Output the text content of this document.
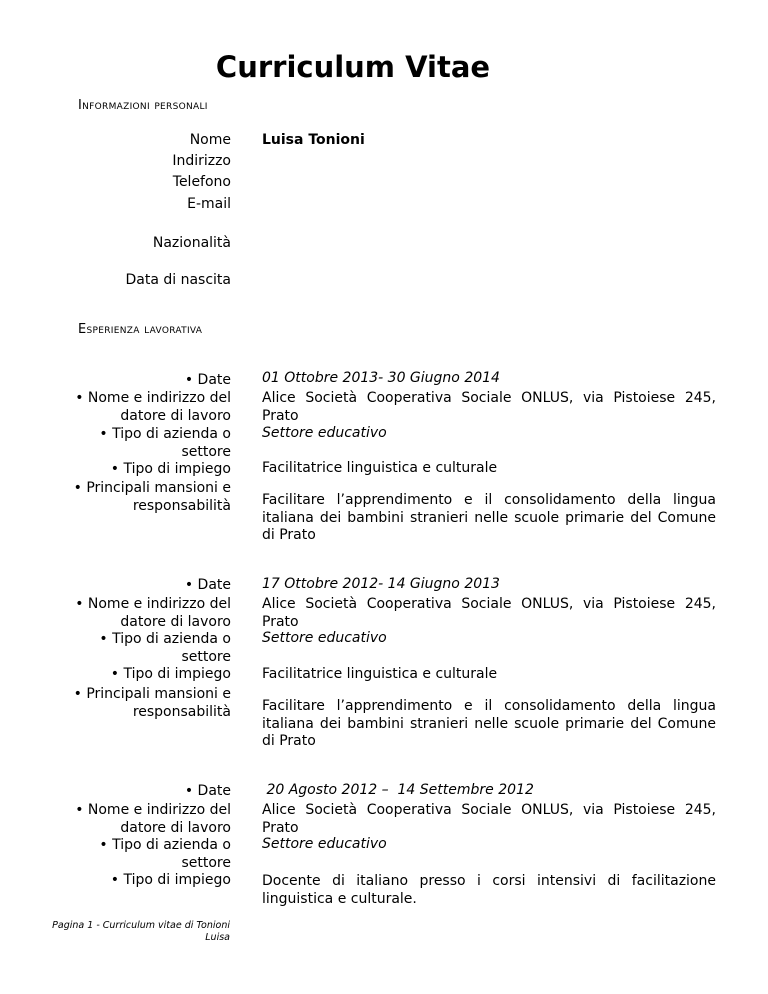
Curriculum Vitae
Informazioni personali
Nome Luisa Tonioni
Indirizzo
Telefono
E-mail
Nazionalità
Data di nascita
Esperienza lavorativa
• Date
• Nome e indirizzo del datore di lavoro
• Tipo di azienda o settore
• Tipo di impiego
• Principali mansioni e responsabilità
01 Ottobre 2013- 30 Giugno 2014
Alice Società Cooperativa Sociale ONLUS, via Pistoiese 245, Prato
Settore educativo
Facilitatrice linguistica e culturale
Facilitare l’apprendimento e il consolidamento della lingua italiana dei bambini stranieri nelle scuole primarie del Comune di Prato
• Date
• Nome e indirizzo del datore di lavoro
• Tipo di azienda o settore
• Tipo di impiego
• Principali mansioni e responsabilità
17 Ottobre 2012- 14 Giugno 2013
Alice Società Cooperativa Sociale ONLUS, via Pistoiese 245, Prato
Settore educativo
Facilitatrice linguistica e culturale
Facilitare l’apprendimento e il consolidamento della lingua italiana dei bambini stranieri nelle scuole primarie del Comune di Prato
• Date
• Nome e indirizzo del datore di lavoro
• Tipo di azienda o settore
• Tipo di impiego
20 Agosto 2012 –  14 Settembre 2012
Alice Società Cooperativa Sociale ONLUS, via Pistoiese 245, Prato
Settore educativo
Docente di italiano presso i corsi intensivi di facilitazione linguistica e culturale.
Pagina 1 - Curriculum vitae di Tonioni Luisa
